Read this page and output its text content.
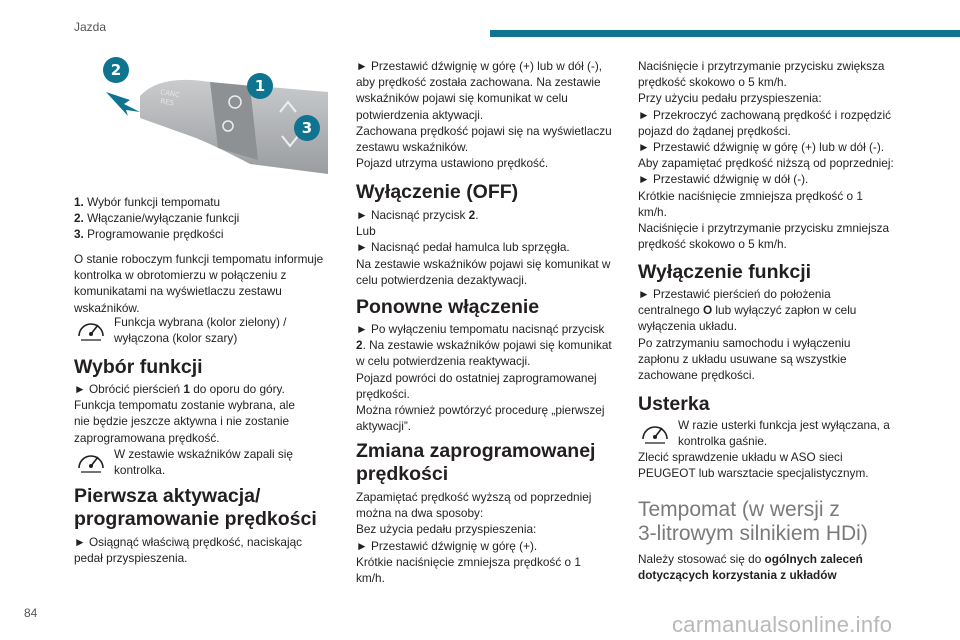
Jazda
84	carmanualsonline.info
CANC
RES
2
1
3

1. Wybór funkcji tempomatu

2. Włączanie/wyłączanie funkcji

3. Programowanie prędkości

O stanie roboczym funkcji tempomatu informuje

kontrolka w obrotomierzu w połączeniu z

komunikatami na wyświetlaczu zestawu

wskaźników.

Funkcja wybrana (kolor zielony) /

wyłączona (kolor szary)

Wybór funkcji

► Obrócić pierścień 1 do oporu do góry.

Funkcja tempomatu zostanie wybrana, ale

nie będzie jeszcze aktywna i nie zostanie

zaprogramowana prędkość.

W zestawie wskaźników zapali się

kontrolka.

Pierwsza aktywacja/
programowanie prędkości

► Osiągnąć właściwą prędkość, naciskając

pedał przyspieszenia.

► Przestawić dźwignię w górę (+) lub w dół (-),

aby prędkość została zachowana. Na zestawie

wskaźników pojawi się komunikat w celu

potwierdzenia aktywacji.

Zachowana prędkość pojawi się na wyświetlaczu

zestawu wskaźników.

Pojazd utrzyma ustawiono prędkość.

Wyłączenie (OFF)

► Nacisnąć przycisk 2.

Lub

► Nacisnąć pedał hamulca lub sprzęgła.

Na zestawie wskaźników pojawi się komunikat w

celu potwierdzenia dezaktywacji.

Ponowne włączenie

► Po wyłączeniu tempomatu nacisnąć przycisk

2. Na zestawie wskaźników pojawi się komunikat

w celu potwierdzenia reaktywacji.

Pojazd powróci do ostatniej zaprogramowanej

prędkości.

Można również powtórzyć procedurę „pierwszej

aktywacji”.

Zmiana zaprogramowanej
prędkości

Zapamiętać prędkość wyższą od poprzedniej

można na dwa sposoby:

Bez użycia pedału przyspieszenia:

► Przestawić dźwignię w górę (+).

Krótkie naciśnięcie zmniejsza prędkość o 1

km/h.

Naciśnięcie i przytrzymanie przycisku zwiększa

prędkość skokowo o 5 km/h.

Przy użyciu pedału przyspieszenia:

► Przekroczyć zachowaną prędkość i rozpędzić

pojazd do żądanej prędkości.

► Przestawić dźwignię w górę (+) lub w dół (-).

Aby zapamiętać prędkość niższą od poprzedniej:

► Przestawić dźwignię w dół (-).

Krótkie naciśnięcie zmniejsza prędkość o 1

km/h.

Naciśnięcie i przytrzymanie przycisku zmniejsza

prędkość skokowo o 5 km/h.

Wyłączenie funkcji

► Przestawić pierścień do położenia

centralnego O lub wyłączyć zapłon w celu

wyłączenia układu.

Po zatrzymaniu samochodu i wyłączeniu

zapłonu z układu usuwane są wszystkie

zachowane prędkości.

Usterka

W razie usterki funkcja jest wyłączana, a

kontrolka gaśnie.

Zlecić sprawdzenie układu w ASO sieci

PEUGEOT lub warsztacie specjalistycznym.

Tempomat (w wersji z
3-litrowym silnikiem HDi)

Należy stosować się do ogólnych zaleceń

dotyczących korzystania z układów
